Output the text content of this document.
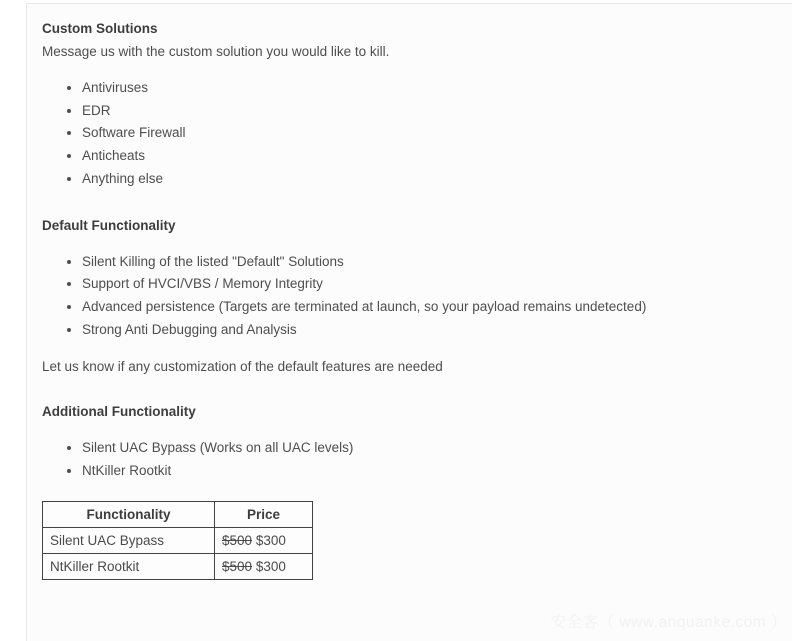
Custom Solutions

Message us with the custom solution you would like to kill.

• Antiviruses
• EDR
• Software Firewall
• Anticheats
• Anything else
Default Functionality
• Silent Killing of the listed "Default" Solutions
• Support of HVCI/VBS / Memory Integrity
• Advanced persistence (Targets are terminated at launch, so your payload remains undetected)
• Strong Anti Debugging and Analysis

Let us know if any customization of the default features are needed

Additional Functionality
• Silent UAC Bypass (Works on all UAC levels)
• NtKiller Rootkit
Functionality	Price
Silent UAC Bypass	$500 $300
NtKiller Rootkit	$500 $300
安全客（ www.anquanke.com ）
